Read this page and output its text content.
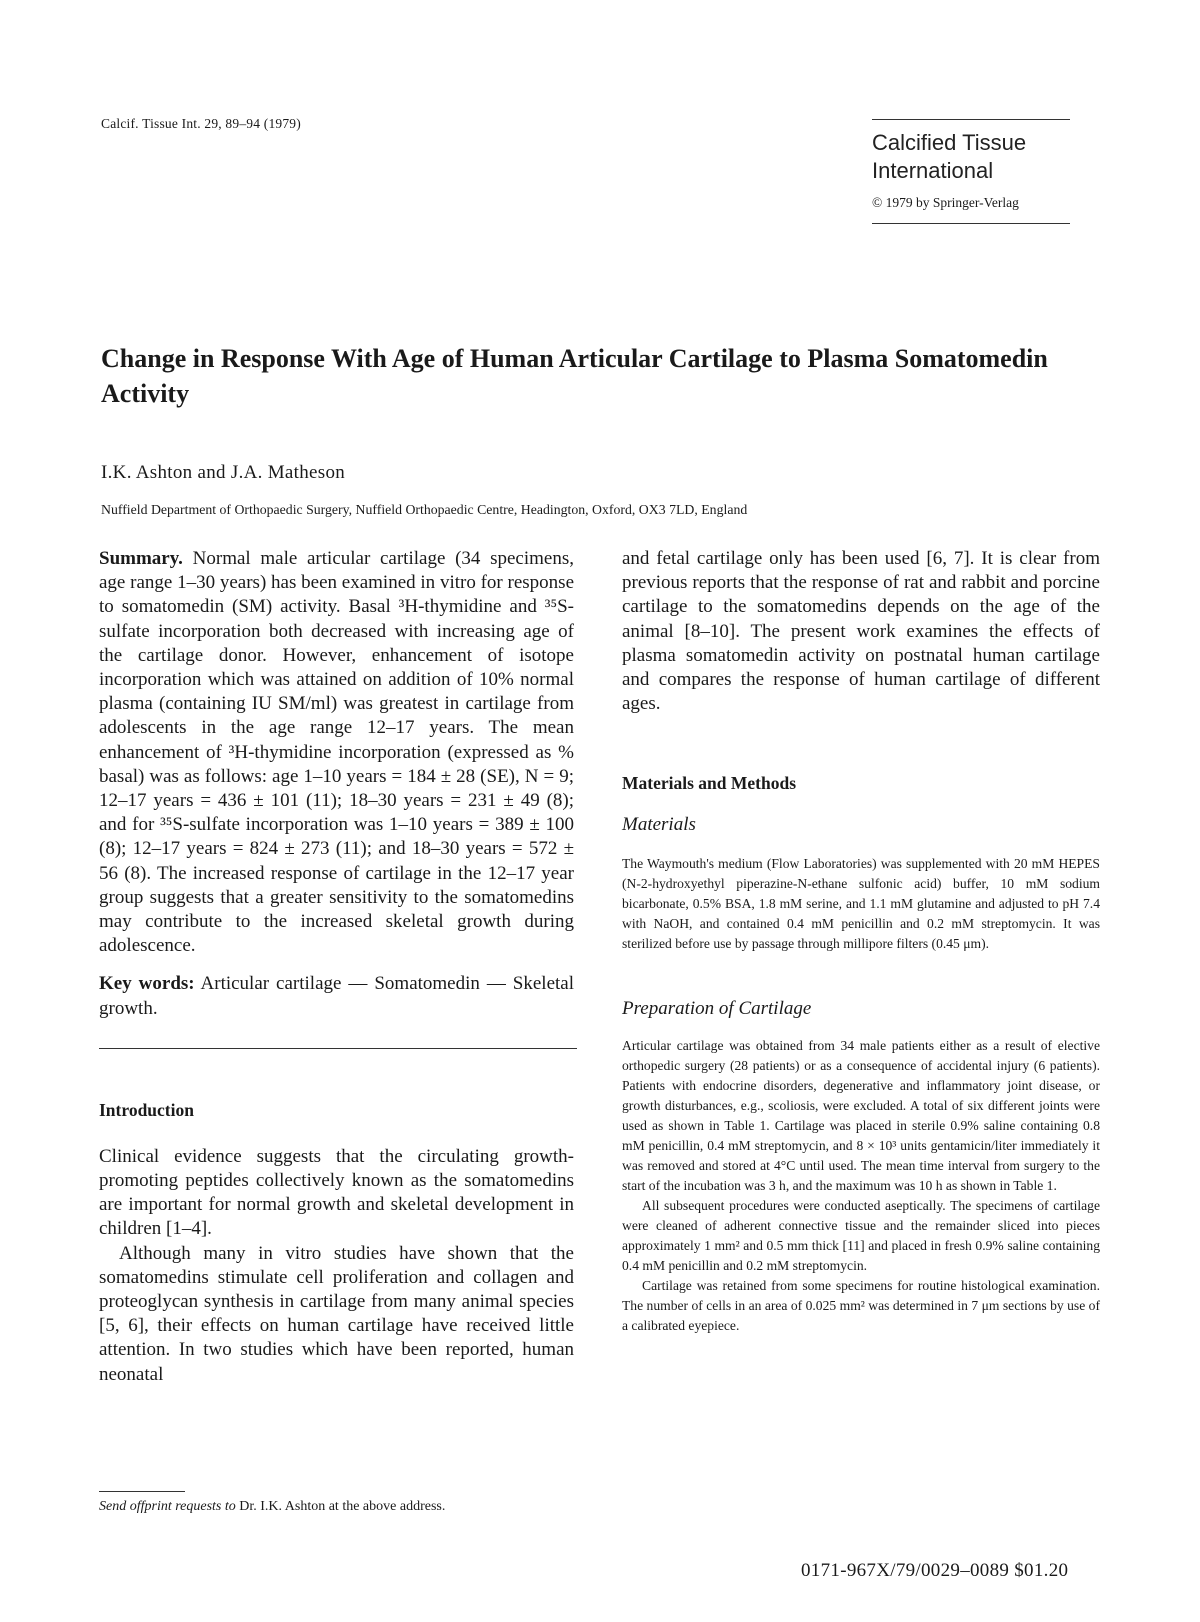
Calcif. Tissue Int. 29, 89–94 (1979)
Calcified Tissue
International
© 1979 by Springer-Verlag
Change in Response With Age of Human Articular Cartilage to Plasma Somatomedin Activity
I.K. Ashton and J.A. Matheson
Nuffield Department of Orthopaedic Surgery, Nuffield Orthopaedic Centre, Headington, Oxford, OX3 7LD, England

Summary. Normal male articular cartilage (34 specimens, age range 1–30 years) has been examined in vitro for response to somatomedin (SM) activity. Basal ³H-thymidine and ³⁵S-sulfate incorporation both decreased with increasing age of the cartilage donor. However, enhancement of isotope incorporation which was attained on addition of 10% normal plasma (containing IU SM/ml) was greatest in cartilage from adolescents in the age range 12–17 years. The mean enhancement of ³H-thymidine incorporation (expressed as % basal) was as follows: age 1–10 years = 184 ± 28 (SE), N = 9; 12–17 years = 436 ± 101 (11); 18–30 years = 231 ± 49 (8); and for ³⁵S-sulfate incorporation was 1–10 years = 389 ± 100 (8); 12–17 years = 824 ± 273 (11); and 18–30 years = 572 ± 56 (8). The increased response of cartilage in the 12–17 year group suggests that a greater sensitivity to the somatomedins may contribute to the increased skeletal growth during adolescence.

Key words: Articular cartilage — Somatomedin — Skeletal growth.

Introduction

Clinical evidence suggests that the circulating growth-promoting peptides collectively known as the somatomedins are important for normal growth and skeletal development in children [1–4].

Although many in vitro studies have shown that the somatomedins stimulate cell proliferation and collagen and proteoglycan synthesis in cartilage from many animal species [5, 6], their effects on human cartilage have received little attention. In two studies which have been reported, human neonatal

and fetal cartilage only has been used [6, 7]. It is clear from previous reports that the response of rat and rabbit and porcine cartilage to the somatomedins depends on the age of the animal [8–10]. The present work examines the effects of plasma somatomedin activity on postnatal human cartilage and compares the response of human cartilage of different ages.

Materials and Methods
Materials

The Waymouth's medium (Flow Laboratories) was supplemented with 20 mM HEPES (N-2-hydroxyethyl piperazine-N-ethane sulfonic acid) buffer, 10 mM sodium bicarbonate, 0.5% BSA, 1.8 mM serine, and 1.1 mM glutamine and adjusted to pH 7.4 with NaOH, and contained 0.4 mM penicillin and 0.2 mM streptomycin. It was sterilized before use by passage through millipore filters (0.45 μm).

Preparation of Cartilage

Articular cartilage was obtained from 34 male patients either as a result of elective orthopedic surgery (28 patients) or as a consequence of accidental injury (6 patients). Patients with endocrine disorders, degenerative and inflammatory joint disease, or growth disturbances, e.g., scoliosis, were excluded. A total of six different joints were used as shown in Table 1. Cartilage was placed in sterile 0.9% saline containing 0.8 mM penicillin, 0.4 mM streptomycin, and 8 × 10³ units gentamicin/liter immediately it was removed and stored at 4°C until used. The mean time interval from surgery to the start of the incubation was 3 h, and the maximum was 10 h as shown in Table 1.

All subsequent procedures were conducted aseptically. The specimens of cartilage were cleaned of adherent connective tissue and the remainder sliced into pieces approximately 1 mm² and 0.5 mm thick [11] and placed in fresh 0.9% saline containing 0.4 mM penicillin and 0.2 mM streptomycin.

Cartilage was retained from some specimens for routine histological examination. The number of cells in an area of 0.025 mm² was determined in 7 μm sections by use of a calibrated eyepiece.

Send offprint requests to Dr. I.K. Ashton at the above address.
0171-967X/79/0029–0089 $01.20
